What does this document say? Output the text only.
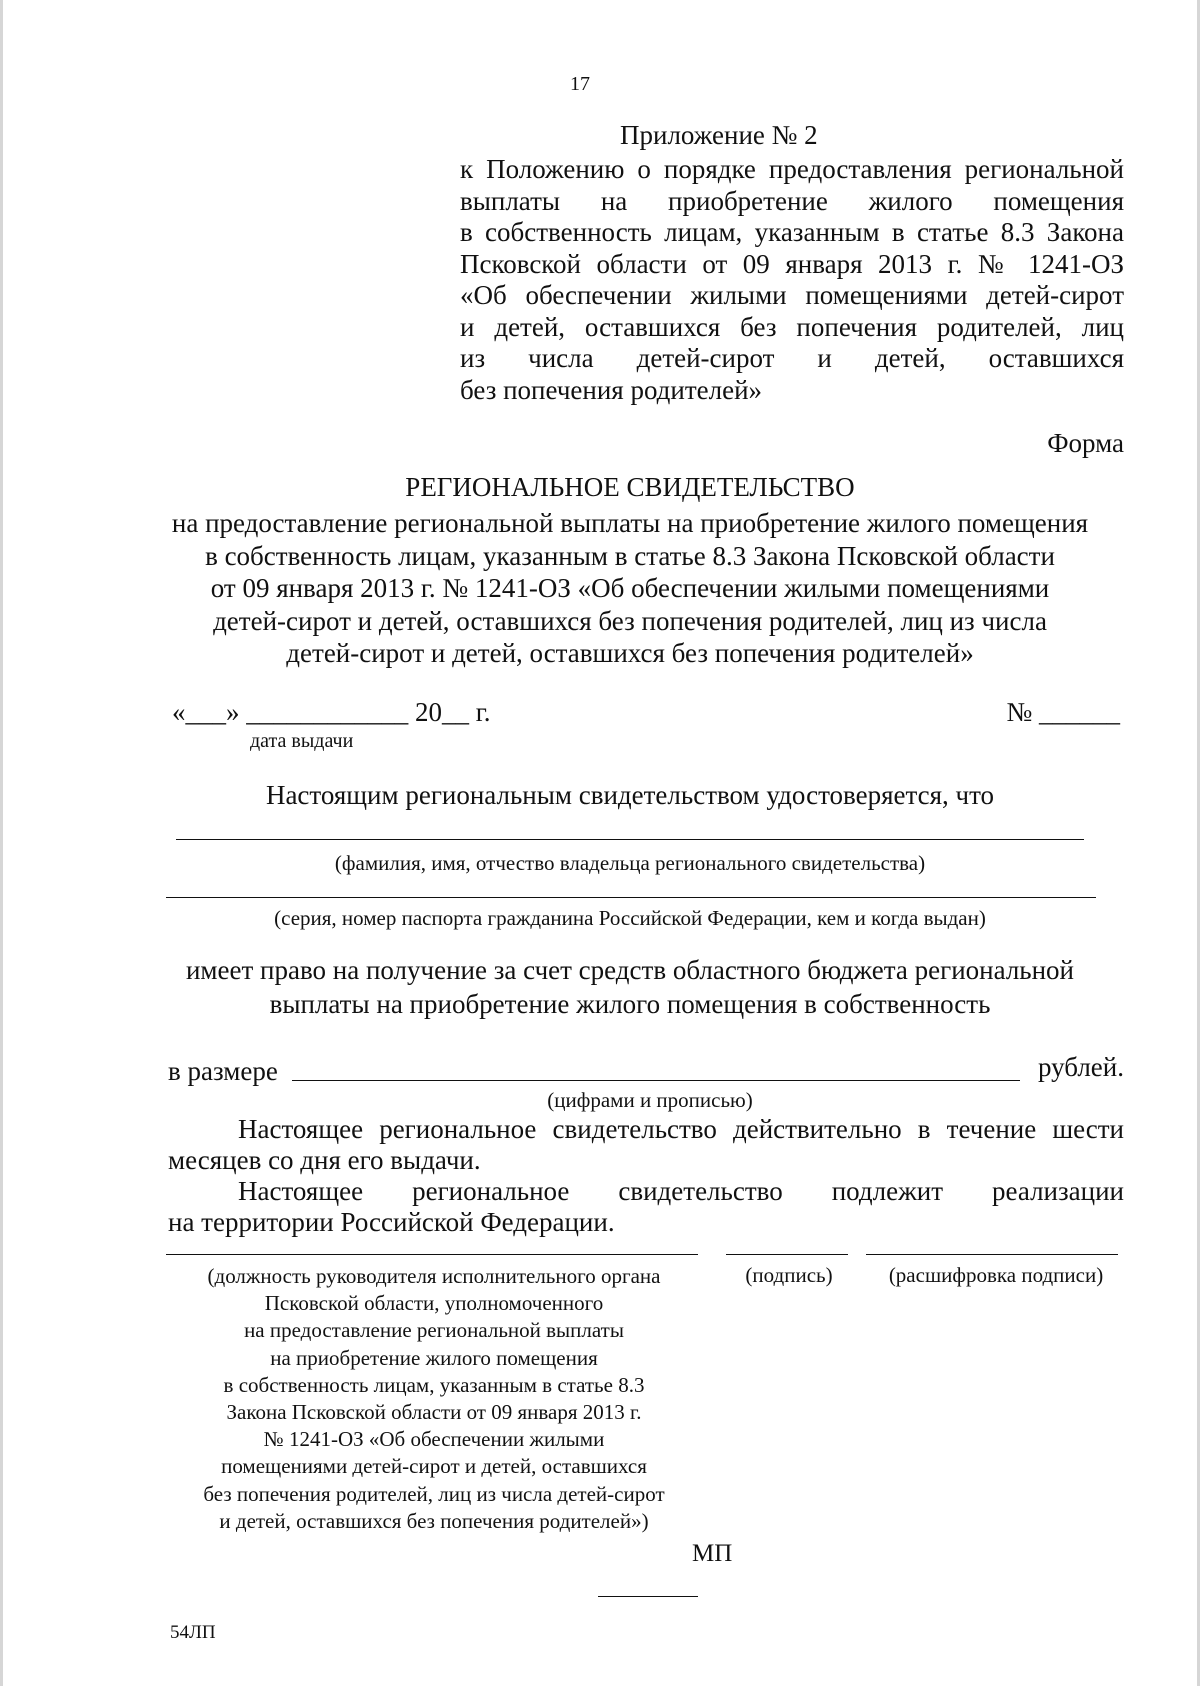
17
Приложение № 2
к Положению о порядке предоставления региональной
выплаты на приобретение жилого помещения
в собственность лицам, указанным в статье 8.3 Закона
Псковской области от 09 января 2013 г. № 1241-ОЗ
«Об обеспечении жилыми помещениями детей-сирот
и детей, оставшихся без попечения родителей, лиц
из числа детей-сирот и детей, оставшихся
без попечения родителей»
Форма
РЕГИОНАЛЬНОЕ СВИДЕТЕЛЬСТВО
на предоставление региональной выплаты на приобретение жилого помещения
в собственность лицам, указанным в статье 8.3 Закона Псковской области
от 09 января 2013 г. № 1241-ОЗ «Об обеспечении жилыми помещениями
детей-сирот и детей, оставшихся без попечения родителей, лиц из числа
детей-сирот и детей, оставшихся без попечения родителей»
«___» ____________ 20__ г.	№ ______
дата выдачи
Настоящим региональным свидетельством удостоверяется, что
(фамилия, имя, отчество владельца регионального свидетельства)
(серия, номер паспорта гражданина Российской Федерации, кем и когда выдан)
имеет право на получение за счет средств областного бюджета региональной
выплаты на приобретение жилого помещения в собственность
в размере	рублей.
(цифрами и прописью)
Настоящее региональное свидетельство действительно в течение шести
месяцев со дня его выдачи.
Настоящее региональное свидетельство подлежит реализации
на территории Российской Федерации.
(должность руководителя исполнительного органа
Псковской области, уполномоченного
на предоставление региональной выплаты
на приобретение жилого помещения
в собственность лицам, указанным в статье 8.3
Закона Псковской области от 09 января 2013 г.
№ 1241-ОЗ «Об обеспечении жилыми
помещениями детей-сирот и детей, оставшихся
без попечения родителей, лиц из числа детей-сирот
и детей, оставшихся без попечения родителей»)
(подпись)	(расшифровка подписи)
МП
54ЛП
